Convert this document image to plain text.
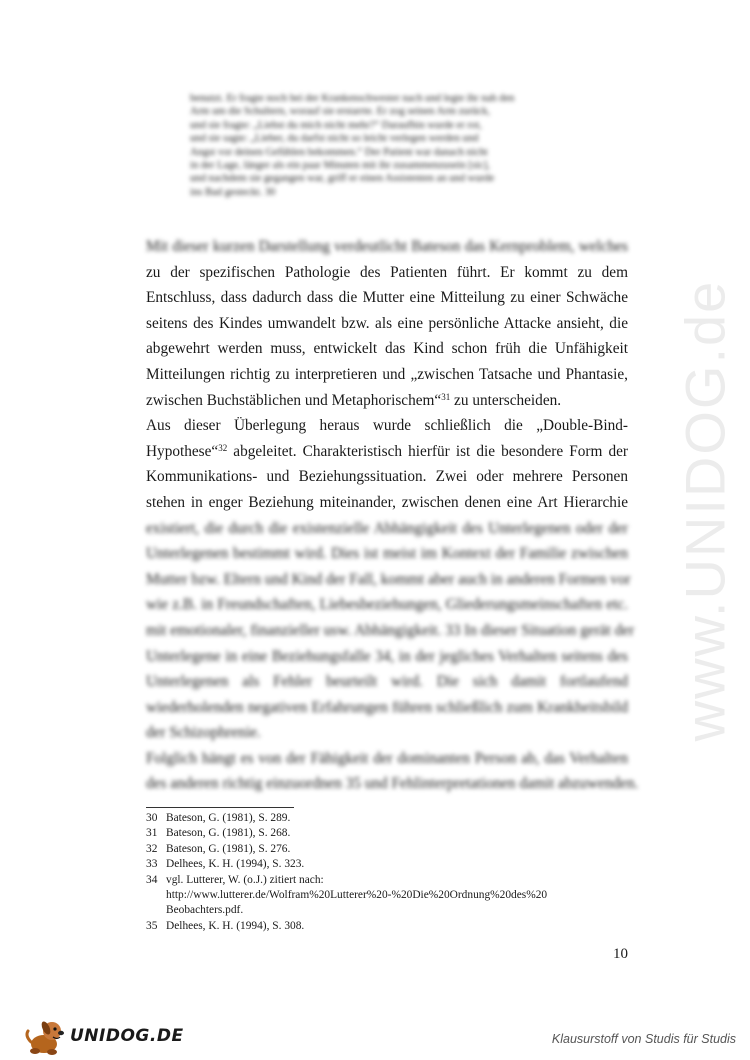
benutzt. Er fragte noch bei der Krankenschwester nach und legte ihr nah den

Arm um die Schultern, worauf sie erstarrte. Er zog seinen Arm zurück,

und sie fragte: „Liebst du mich nicht mehr?“ Daraufhin wurde er rot,

und sie sagte: „Lieber, du darfst nicht so leicht verlegen werden und

Angst vor deinen Gefühlen bekommen.“ Der Patient war danach nicht

in der Lage, länger als ein paar Minuten mit ihr zusammenzusein [sic],

und nachdem sie gegangen war, griff er einen Assistenten an und wurde

ins Bad gesteckt. 30

Mit dieser kurzen Darstellung verdeutlicht Bateson das Kernproblem, welches
zu der spezifischen Pathologie des Patienten führt. Er kommt zu dem
Entschluss, dass dadurch dass die Mutter eine Mitteilung zu einer Schwäche
seitens des Kindes umwandelt bzw. als eine persönliche Attacke ansieht, die
abgewehrt werden muss, entwickelt das Kind schon früh die Unfähigkeit
Mitteilungen richtig zu interpretieren und „zwischen Tatsache und Phantasie,
zwischen Buchstäblichen und Metaphorischem“$^{31}$ zu unterscheiden.
Aus dieser Überlegung heraus wurde schließlich die „Double-Bind-
Hypothese“$^{32}$ abgeleitet. Charakteristisch hierfür ist die besondere Form der
Kommunikations- und Beziehungssituation. Zwei oder mehrere Personen
stehen in enger Beziehung miteinander, zwischen denen eine Art Hierarchie
existiert, die durch die existenzielle Abhängigkeit des Unterlegenen oder der
Unterlegenen bestimmt wird. Dies ist meist im Kontext der Familie zwischen
Mutter bzw. Eltern und Kind der Fall, kommt aber auch in anderen Formen vor
wie z.B. in Freundschaften, Liebesbeziehungen, Gliederungsmeinschaften etc.
mit emotionaler, finanzieller usw. Abhängigkeit. 33 In dieser Situation gerät der
Unterlegene in eine Beziehungsfalle 34, in der jegliches Verhalten seitens des
Unterlegenen als Fehler beurteilt wird. Die sich damit fortlaufend
wiederholenden negativen Erfahrungen führen schließlich zum Krankheitsbild
der Schizophrenie.
Folglich hängt es von der Fähigkeit der dominanten Person ab, das Verhalten
des anderen richtig einzuordnen 35 und Fehlinterpretationen damit abzuwenden.
30 Bateson, G. (1981), S. 289.
31 Bateson, G. (1981), S. 268.
32 Bateson, G. (1981), S. 276.
33 Delhees, K. H. (1994), S. 323.
34 vgl. Lutterer, W. (o.J.) zitiert nach:
http://www.lutterer.de/Wolfram%20Lutterer%20-%20Die%20Ordnung%20des%20
Beobachters.pdf.
35 Delhees, K. H. (1994), S. 308.
10
www.UNIDOG.de
UNIDOG.DE	Klausurstoff von Studis für Studis
